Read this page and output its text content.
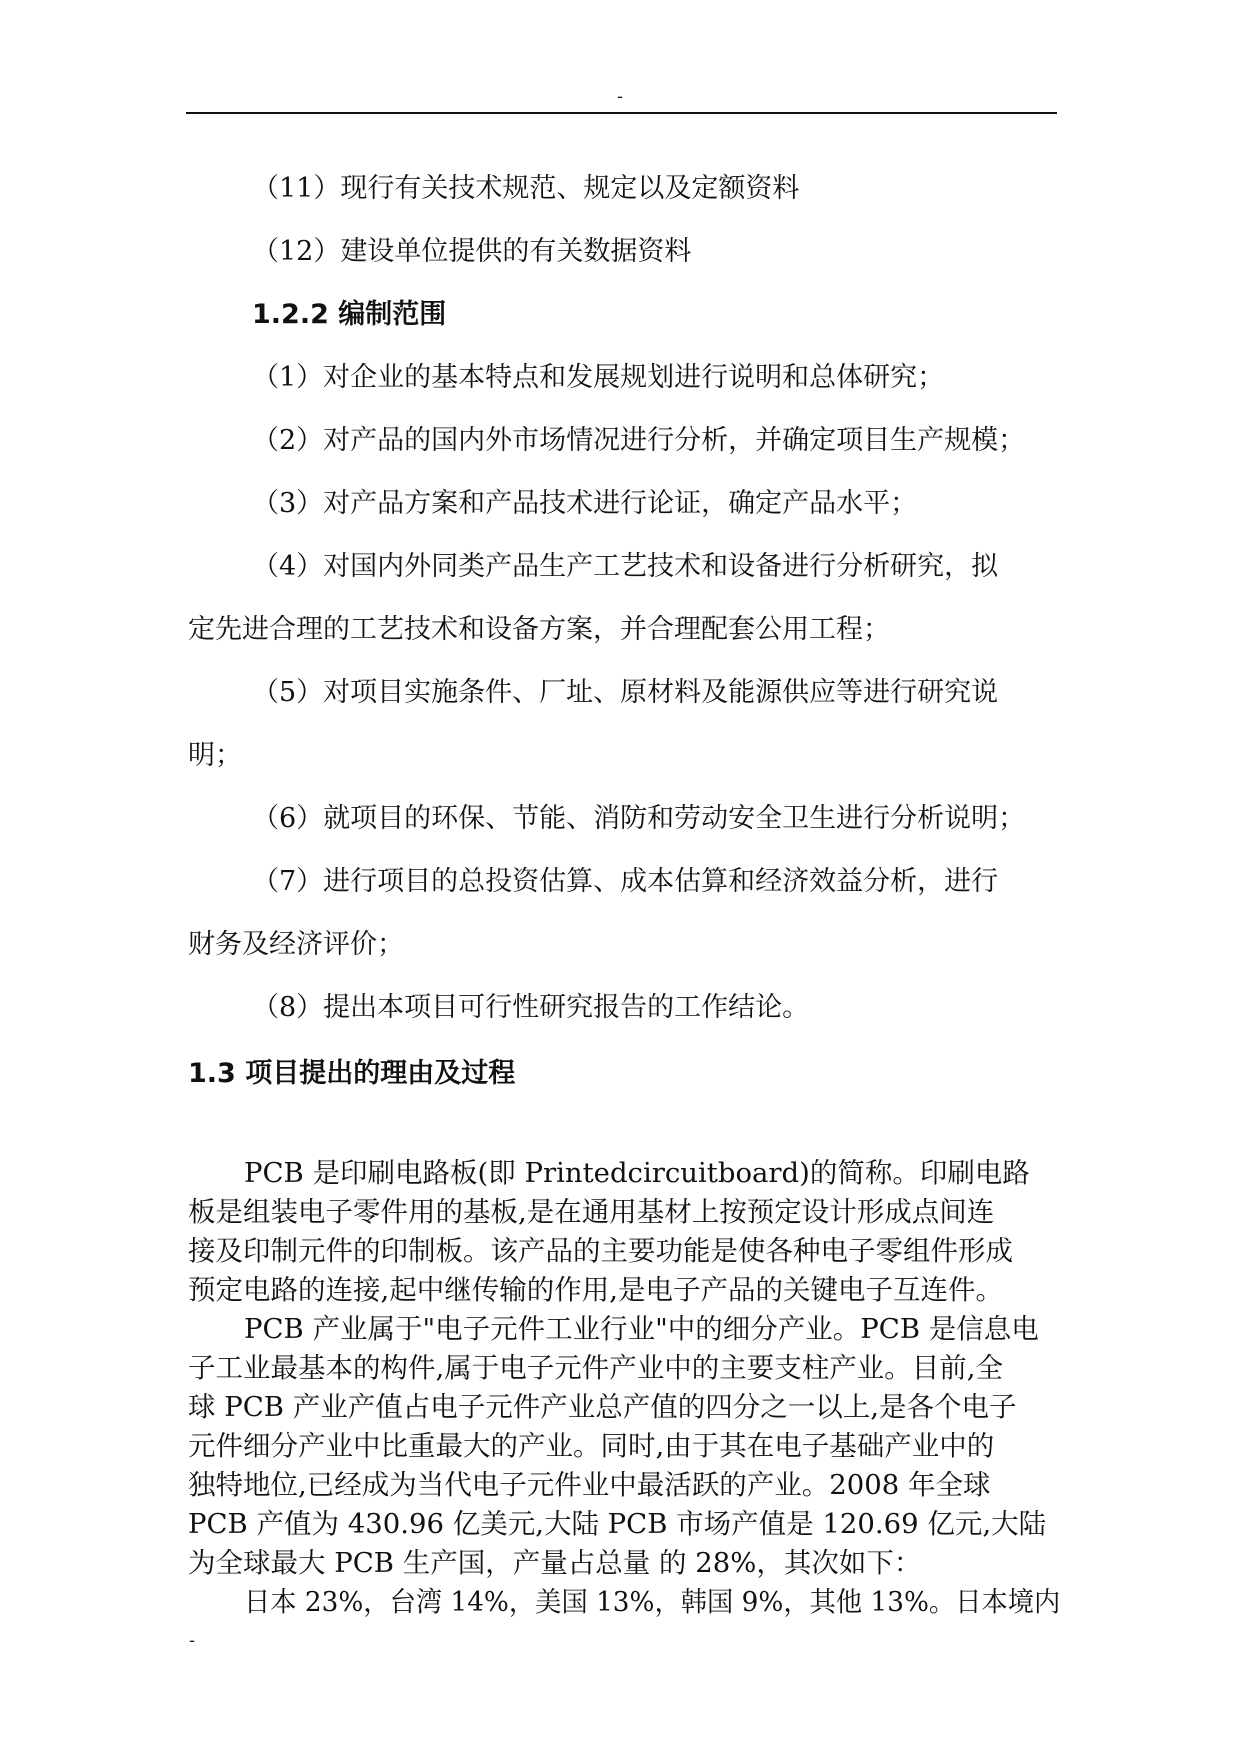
-
（11）现行有关技术规范、规定以及定额资料
（12）建设单位提供的有关数据资料
1.2.2 编制范围
（1）对企业的基本特点和发展规划进行说明和总体研究；
（2）对产品的国内外市场情况进行分析，并确定项目生产规模；
（3）对产品方案和产品技术进行论证，确定产品水平；
（4）对国内外同类产品生产工艺技术和设备进行分析研究，拟
定先进合理的工艺技术和设备方案，并合理配套公用工程；
（5）对项目实施条件、厂址、原材料及能源供应等进行研究说
明；
（6）就项目的环保、节能、消防和劳动安全卫生进行分析说明；
（7）进行项目的总投资估算、成本估算和经济效益分析，进行
财务及经济评价；
（8）提出本项目可行性研究报告的工作结论。
1.3 项目提出的理由及过程
PCB 是印刷电路板(即 Printedcircuitboard)的简称。印刷电路
板是组装电子零件用的基板,是在通用基材上按预定设计形成点间连
接及印制元件的印制板。该产品的主要功能是使各种电子零组件形成
预定电路的连接,起中继传输的作用,是电子产品的关键电子互连件。
PCB 产业属于"电子元件工业行业"中的细分产业。PCB 是信息电
子工业最基本的构件,属于电子元件产业中的主要支柱产业。目前,全
球 PCB 产业产值占电子元件产业总产值的四分之一以上,是各个电子
元件细分产业中比重最大的产业。同时,由于其在电子基础产业中的
独特地位,已经成为当代电子元件业中最活跃的产业。2008 年全球
PCB 产值为 430.96 亿美元,大陆 PCB 市场产值是 120.69 亿元,大陆
为全球最大 PCB 生产国，产量占总量 的 28%，其次如下：
日本 23%，台湾 14%，美国 13%，韩国 9%，其他 13%。日本境内
-
